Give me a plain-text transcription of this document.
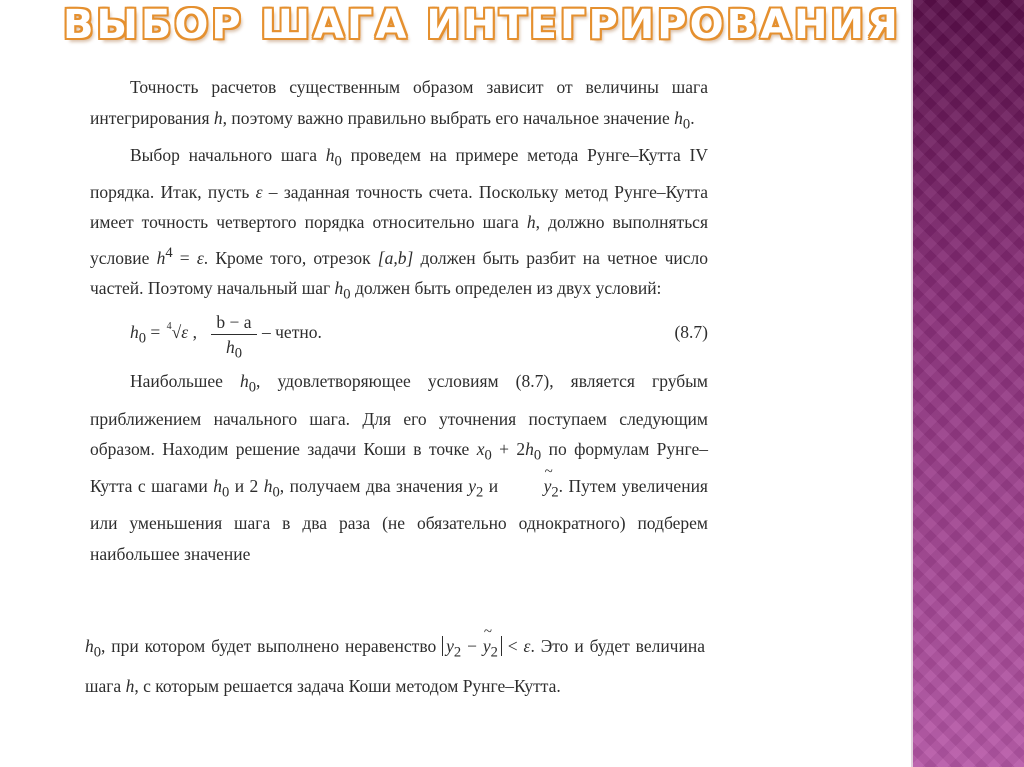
ВЫБОР ШАГА ИНТЕГРИРОВАНИЯ

Точность расчетов существенным образом зависит от величины шага интегрирования h, поэтому важно правильно выбрать его начальное значение $h_0$.

Выбор начального шага $h_0$ проведем на примере метода Рунге–Кутта IV порядка. Итак, пусть ε – заданная точность счета. Поскольку метод Рунге–Кутта имеет точность четвертого порядка относительно шага h, должно выполняться условие $h^4 = \varepsilon$. Кроме того, отрезок [a,b] должен быть разбит на четное число частей. Поэтому начальный шаг $h_0$ должен быть определен из двух условий:

$h_0 = ^4√\varepsilon$ , $\frac{b - a}{h_0}$ – четно.	(8.7)

Наибольшее $h_0$, удовлетворяющее условиям (8.7), является грубым приближением начального шага. Для его уточнения поступаем следующим образом. Находим решение задачи Коши в точке $x_0 + 2h_0$ по формулам Рунге–Кутта с шагами $h_0$ и 2 $h_0$, получаем два значения $y_2$ и ~ $y_2$. Путем увеличения или уменьшения шага в два раза (не обязательно однократного) подберем наибольшее значение

$h_0$, при котором будет выполнено неравенство $y_2$ − ~ $y_2 < \varepsilon$. Это и будет величина шага h, с которым решается задача Коши методом Рунге–Кутта.
